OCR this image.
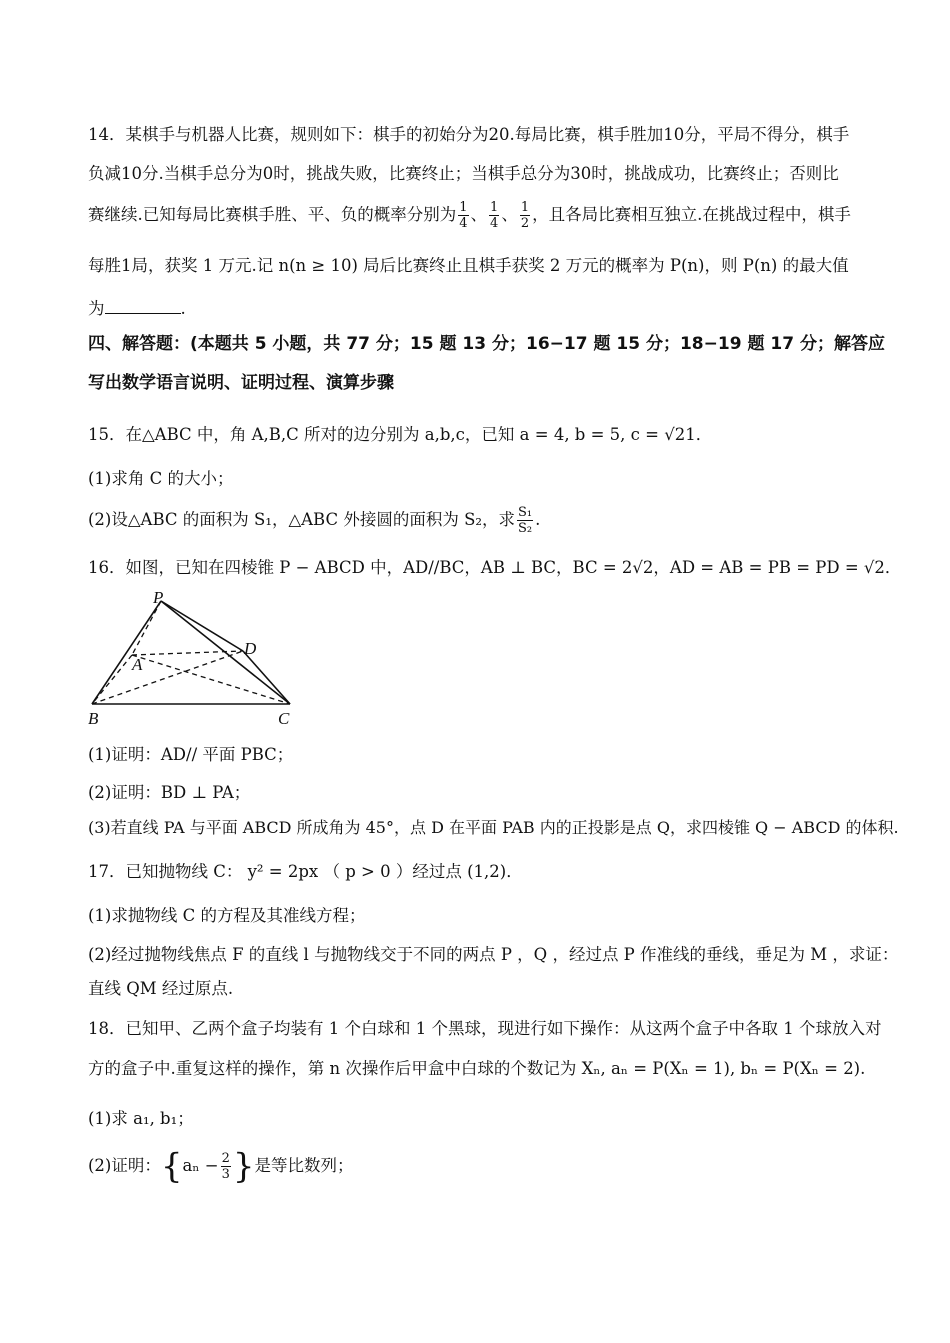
14．某棋手与机器人比赛，规则如下：棋手的初始分为20.每局比赛，棋手胜加10分，平局不得分，棋手
负减10分.当棋手总分为0时，挑战失败，比赛终止；当棋手总分为30时，挑战成功，比赛终止；否则比
赛继续.已知每局比赛棋手胜、平、负的概率分别为 $\frac{1}{4}$ 、 $\frac{1}{4}$ 、 $\frac{1}{2}$ ，且各局比赛相互独立.在挑战过程中，棋手
每胜1局，获奖 1 万元.记 n(n ≥ 10) 局后比赛终止且棋手获奖 2 万元的概率为 P(n)，则 P(n) 的最大值
为	.
四、解答题：(本题共 5 小题，共 77 分；15 题 13 分；16−17 题 15 分；18−19 题 17 分；解答应
写出数学语言说明、证明过程、演算步骤
15．在△ABC 中，角 A,B,C 所对的边分别为 a,b,c，已知 a = 4, b = 5, c = √21．
(1)求角 C 的大小；
(2)设△ABC 的面积为 S₁，△ABC 外接圆的面积为 S₂，求 $\frac{\text{S₁}}{\text{S₂}}$ .
16．如图，已知在四棱锥 P − ABCD 中，AD//BC，AB ⊥ BC，BC = 2√2，AD = AB = PB = PD = √2．
P
A
D
B	C
(1)证明：AD// 平面 PBC；
(2)证明：BD ⊥ PA；
(3)若直线 PA 与平面 ABCD 所成角为 45°，点 D 在平面 PAB 内的正投影是点 Q，求四棱锥 Q − ABCD 的体积.
17．已知抛物线 C： y² = 2px （ p > 0 ）经过点 (1,2)．
(1)求抛物线 C 的方程及其准线方程；
(2)经过抛物线焦点 F 的直线 l 与抛物线交于不同的两点 P ，Q ，经过点 P 作准线的垂线，垂足为 M ，求证：
直线 QM 经过原点.
18．已知甲、乙两个盒子均装有 1 个白球和 1 个黑球，现进行如下操作：从这两个盒子中各取 1 个球放入对
方的盒子中.重复这样的操作，第 n 次操作后甲盒中白球的个数记为 Xₙ, aₙ = P(Xₙ = 1), bₙ = P(Xₙ = 2).
(1)求 a₁, b₁；
(2)证明：{$a_n - \frac{2}{3}$ }是等比数列；
